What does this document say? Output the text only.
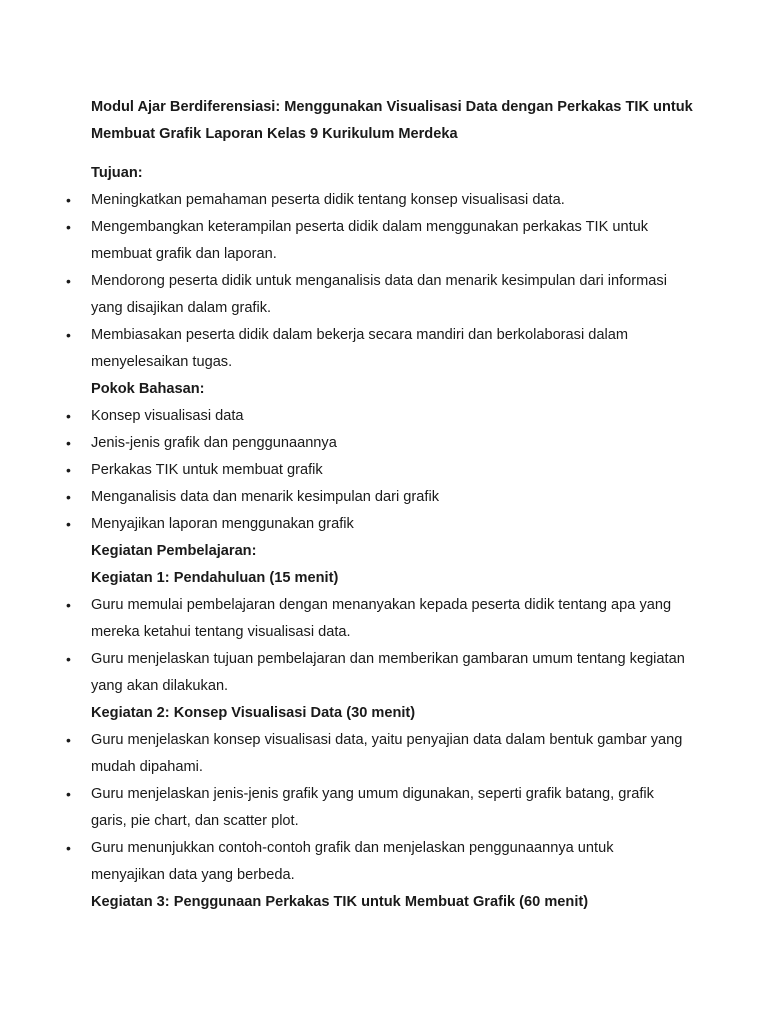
Modul Ajar Berdiferensiasi: Menggunakan Visualisasi Data dengan Perkakas TIK untuk Membuat Grafik Laporan Kelas 9 Kurikulum Merdeka
Tujuan:
• Meningkatkan pemahaman peserta didik tentang konsep visualisasi data.
• Mengembangkan keterampilan peserta didik dalam menggunakan perkakas TIK untuk membuat grafik dan laporan.
• Mendorong peserta didik untuk menganalisis data dan menarik kesimpulan dari informasi yang disajikan dalam grafik.
• Membiasakan peserta didik dalam bekerja secara mandiri dan berkolaborasi dalam menyelesaikan tugas.
Pokok Bahasan:
• Konsep visualisasi data
• Jenis-jenis grafik dan penggunaannya
• Perkakas TIK untuk membuat grafik
• Menganalisis data dan menarik kesimpulan dari grafik
• Menyajikan laporan menggunakan grafik
Kegiatan Pembelajaran:
Kegiatan 1: Pendahuluan (15 menit)
• Guru memulai pembelajaran dengan menanyakan kepada peserta didik tentang apa yang mereka ketahui tentang visualisasi data.
• Guru menjelaskan tujuan pembelajaran dan memberikan gambaran umum tentang kegiatan yang akan dilakukan.
Kegiatan 2: Konsep Visualisasi Data (30 menit)
• Guru menjelaskan konsep visualisasi data, yaitu penyajian data dalam bentuk gambar yang mudah dipahami.
• Guru menjelaskan jenis-jenis grafik yang umum digunakan, seperti grafik batang, grafik garis, pie chart, dan scatter plot.
• Guru menunjukkan contoh-contoh grafik dan menjelaskan penggunaannya untuk menyajikan data yang berbeda.
Kegiatan 3: Penggunaan Perkakas TIK untuk Membuat Grafik (60 menit)
